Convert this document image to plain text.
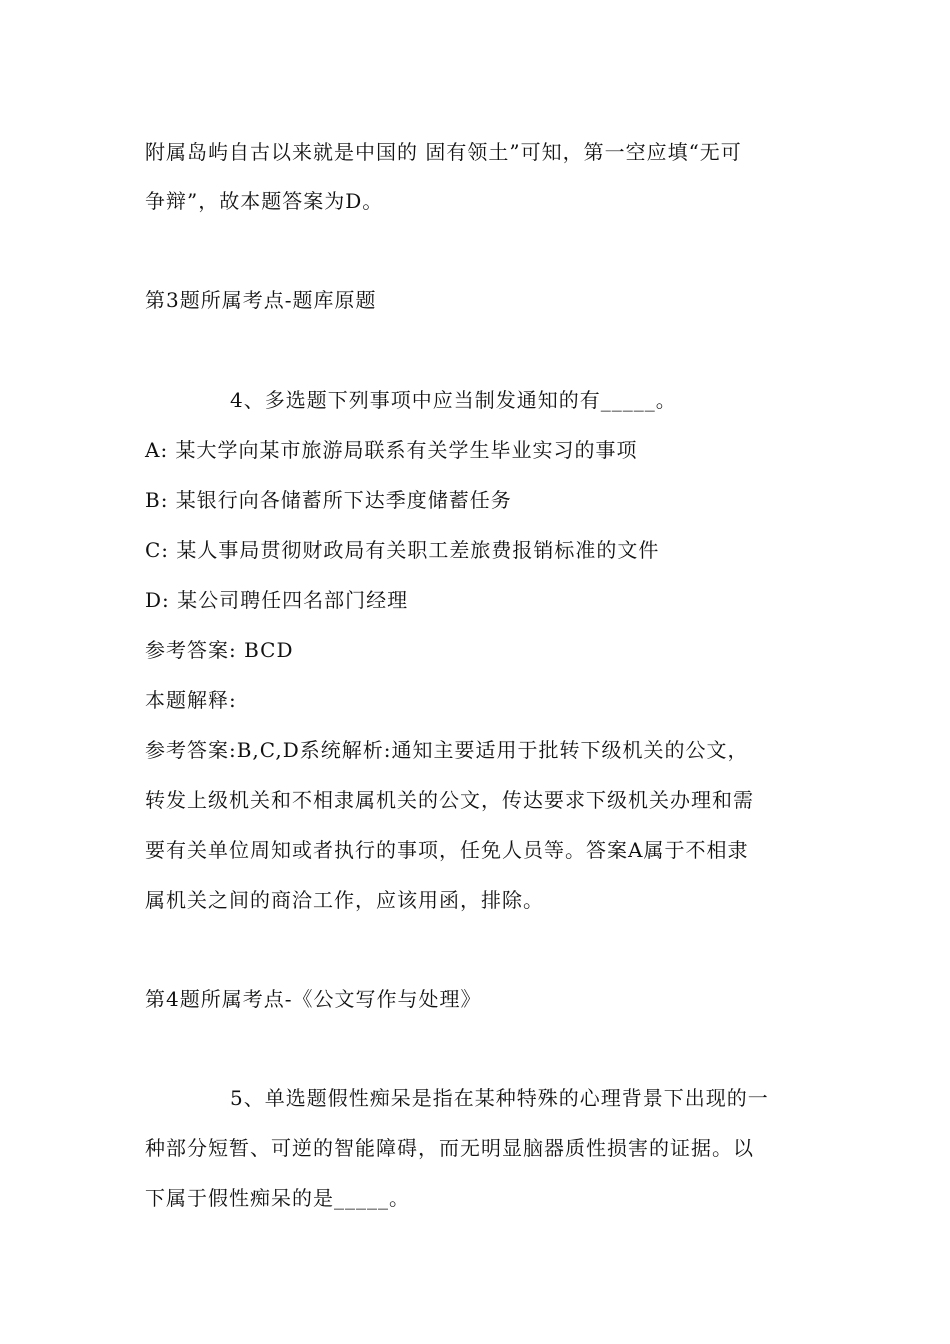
附属岛屿自古以来就是中国的 固有领土”可知，第一空应填“无可
争辩”，故本题答案为D。
第3题所属考点-题库原题
4、多选题下列事项中应当制发通知的有_____。
A: 某大学向某市旅游局联系有关学生毕业实习的事项
B: 某银行向各储蓄所下达季度储蓄任务
C: 某人事局贯彻财政局有关职工差旅费报销标准的文件
D: 某公司聘任四名部门经理
参考答案: BCD
本题解释:
参考答案:B,C,D系统解析:通知主要适用于批转下级机关的公文，
转发上级机关和不相隶属机关的公文，传达要求下级机关办理和需
要有关单位周知或者执行的事项，任免人员等。答案A属于不相隶
属机关之间的商洽工作，应该用函，排除。
第4题所属考点-《公文写作与处理》
5、单选题假性痴呆是指在某种特殊的心理背景下出现的一
种部分短暂、可逆的智能障碍，而无明显脑器质性损害的证据。以
下属于假性痴呆的是_____。
